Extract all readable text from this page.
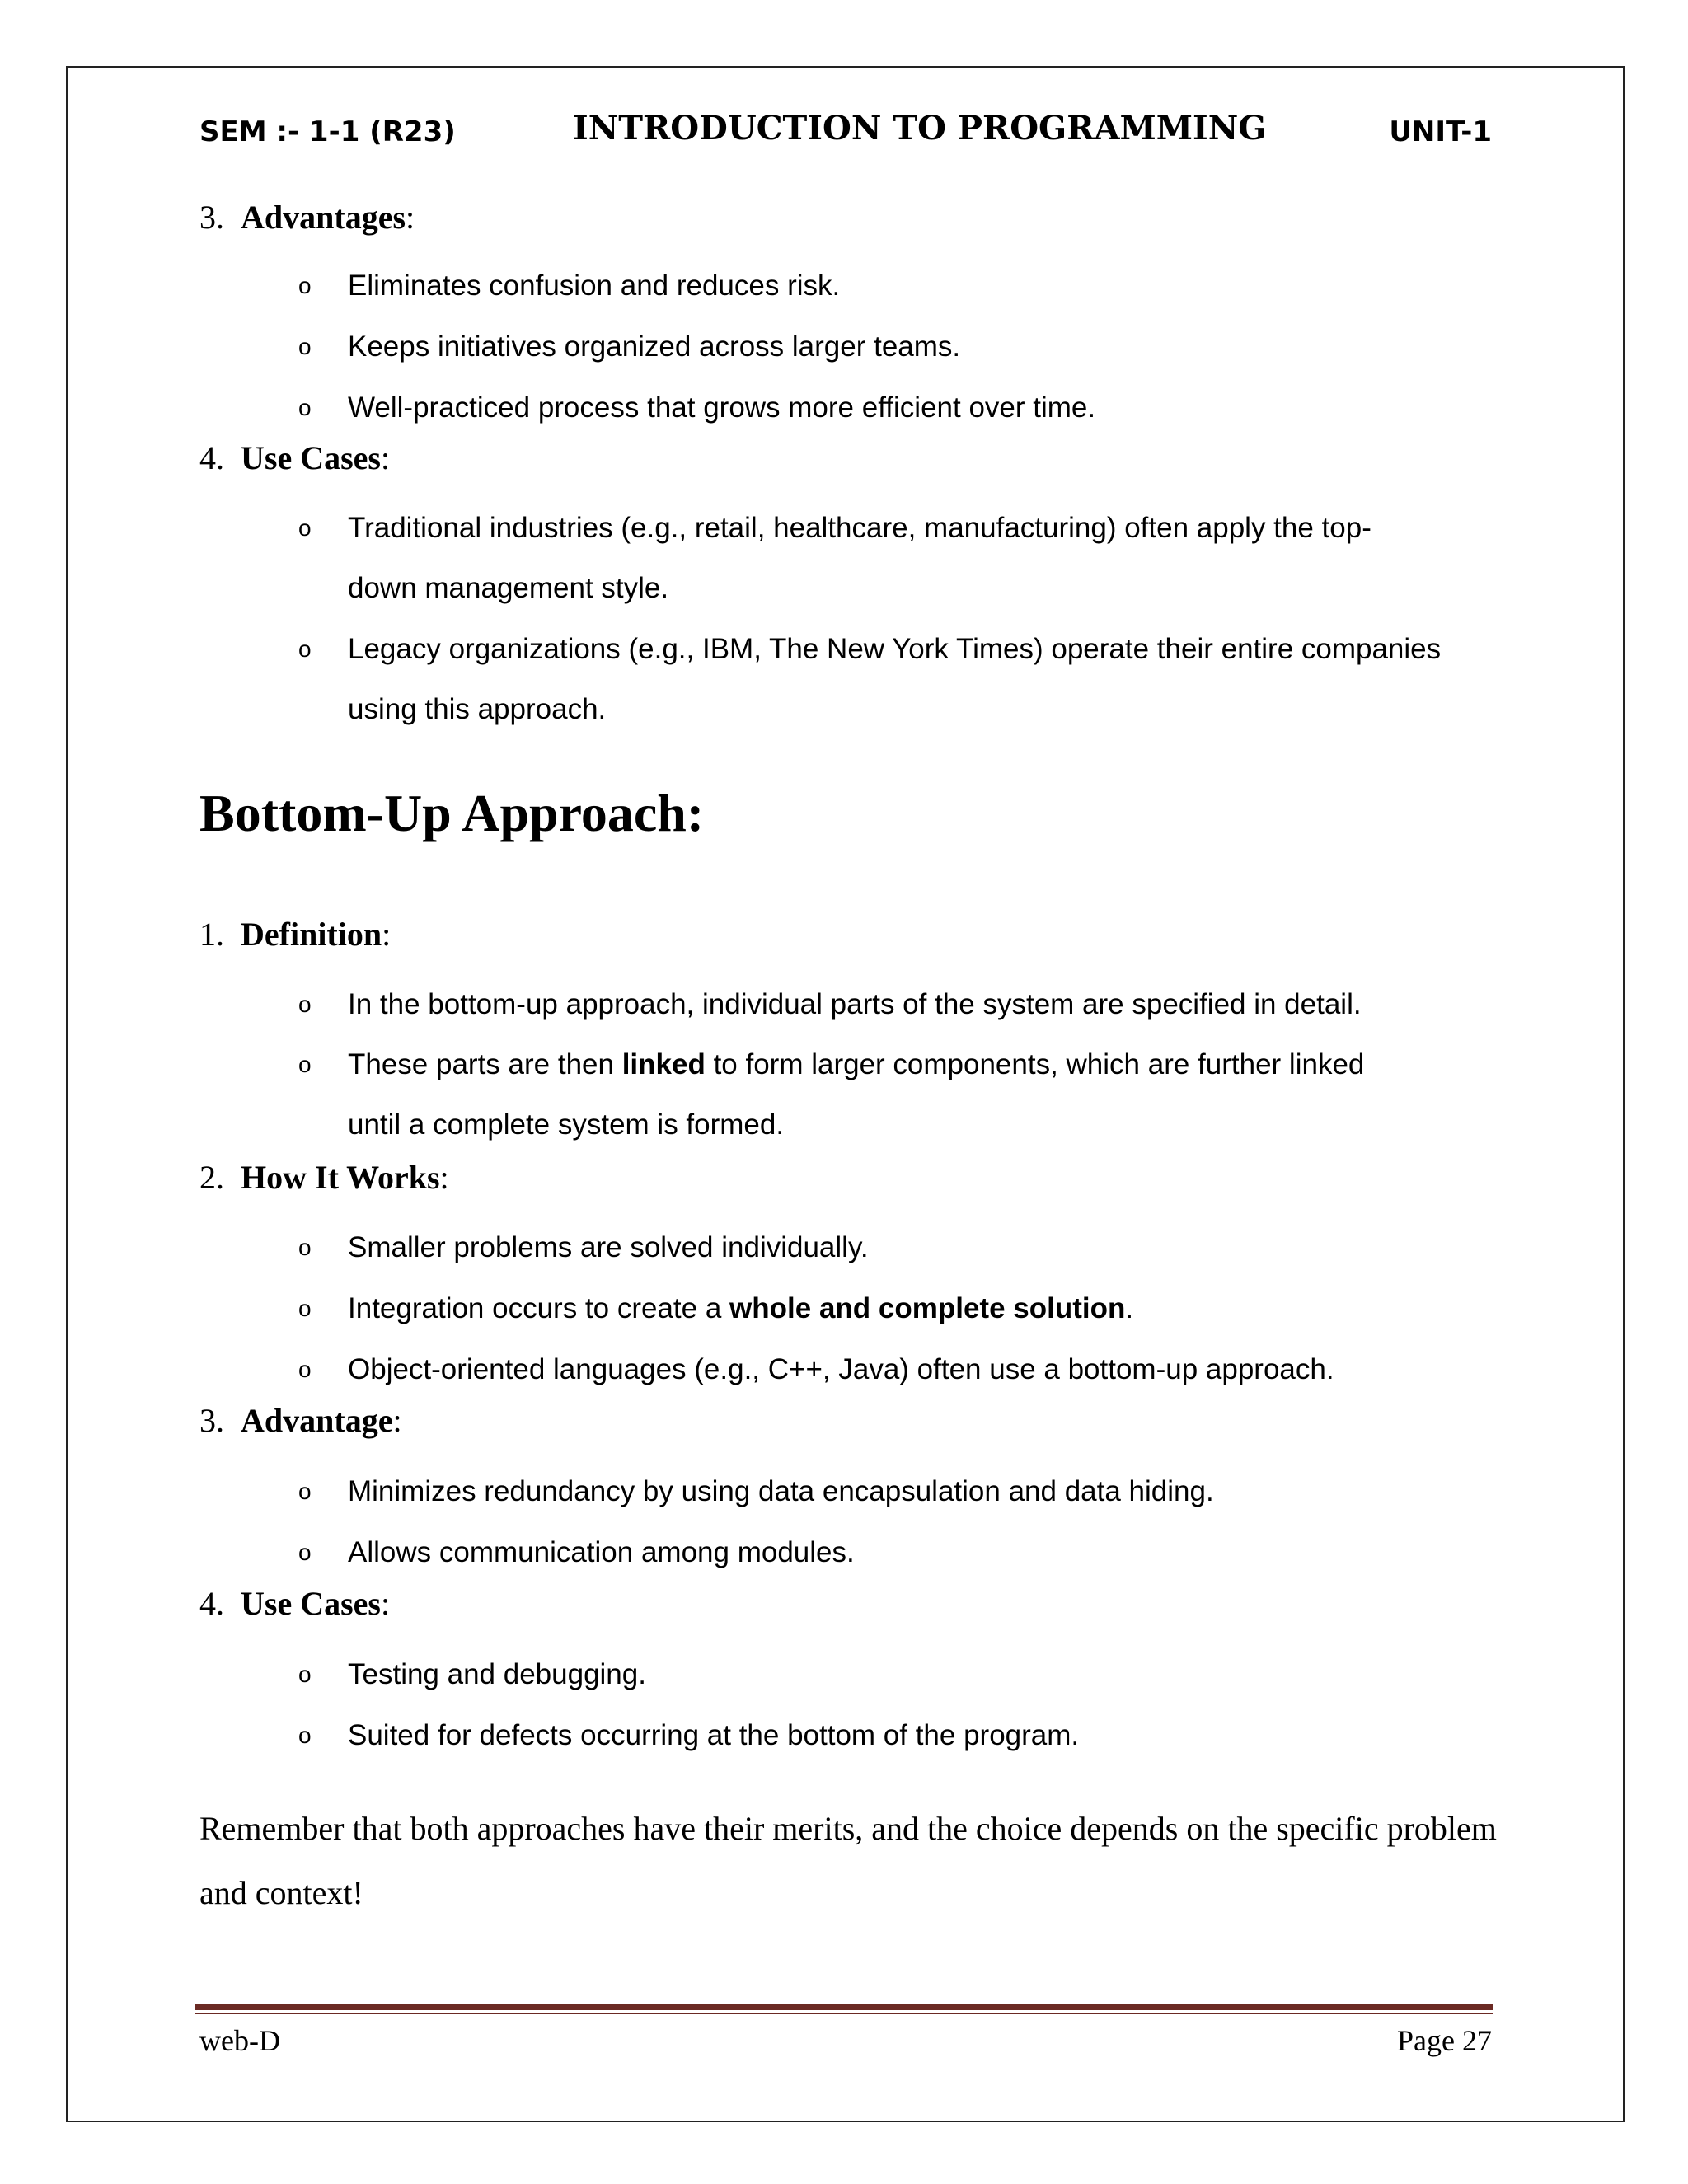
SEM :- 1-1 (R23)	INTRODUCTION TO PROGRAMMING	UNIT-1
3. Advantages:
o Eliminates confusion and reduces risk.
o Keeps initiatives organized across larger teams.
o Well-practiced process that grows more efficient over time.
4. Use Cases:
o Traditional industries (e.g., retail, healthcare, manufacturing) often apply the top-
down management style.
o Legacy organizations (e.g., IBM, The New York Times) operate their entire companies
using this approach.
Bottom-Up Approach:
1. Definition:
o In the bottom-up approach, individual parts of the system are specified in detail.
o These parts are then linked to form larger components, which are further linked
until a complete system is formed.
2. How It Works:
o Smaller problems are solved individually.
o Integration occurs to create a whole and complete solution.
o Object-oriented languages (e.g., C++, Java) often use a bottom-up approach.
3. Advantage:
o Minimizes redundancy by using data encapsulation and data hiding.
o Allows communication among modules.
4. Use Cases:
o Testing and debugging.
o Suited for defects occurring at the bottom of the program.
Remember that both approaches have their merits, and the choice depends on the specific problem and context!
web-D	Page 27
